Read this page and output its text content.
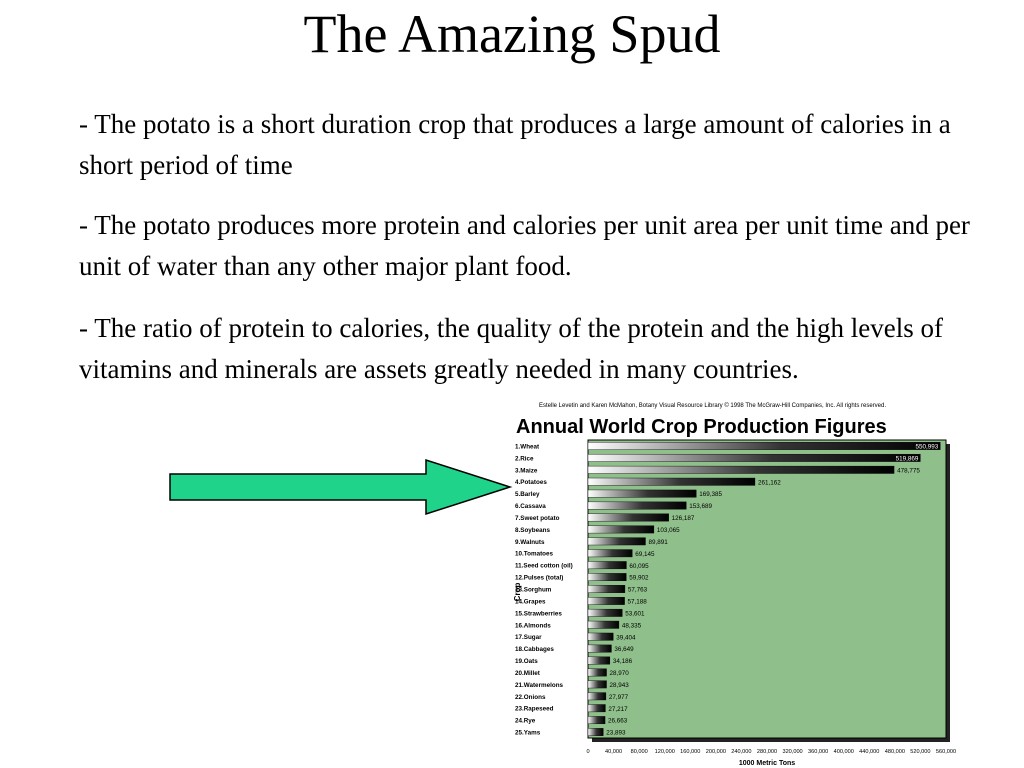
The Amazing Spud
- The potato is a short duration crop that produces a large amount of calories in a short period of time
- The potato produces more protein and calories per unit area per unit time and per unit of water than any other major plant food.
- The ratio of protein to calories, the quality of the protein and the high levels of vitamins and minerals are assets greatly needed in many countries.
Estelle Levetin and Karen McMahon, Botany Visual Resource Library © 1998 The McGraw-Hill Companies, Inc. All rights reserved.
Annual World Crop Production Figures
1.Wheat
2.Rice
3.Maize
4.Potatoes
5.Barley
6.Cassava
7.Sweet potato
8.Soybeans
9.Walnuts
10.Tomatoes
11.Seed cotton (oil)
12.Pulses (total)
13.Sorghum
14.Grapes
15.Strawberries
16.Almonds
17.Sugar
18.Cabbages
19.Oats
20.Millet
21.Watermelons
22.Onions
23.Rapeseed
24.Rye
25.Yams
550,993
519,869
478,775
261,162
169,385
153,689
126,187
103,065
89,891
69,145
60,095
59,902
57,763
57,188
53,601
48,335
39,404
36,649
34,186
28,970
28,943
27,977
27,217
26,663
23,893
0	40,000 80,000 120,000 160,000 200,000 240,000 280,000 320,000 360,000 400,000 440,000 480,000 520,000 560,000
Crop
1000 Metric Tons
